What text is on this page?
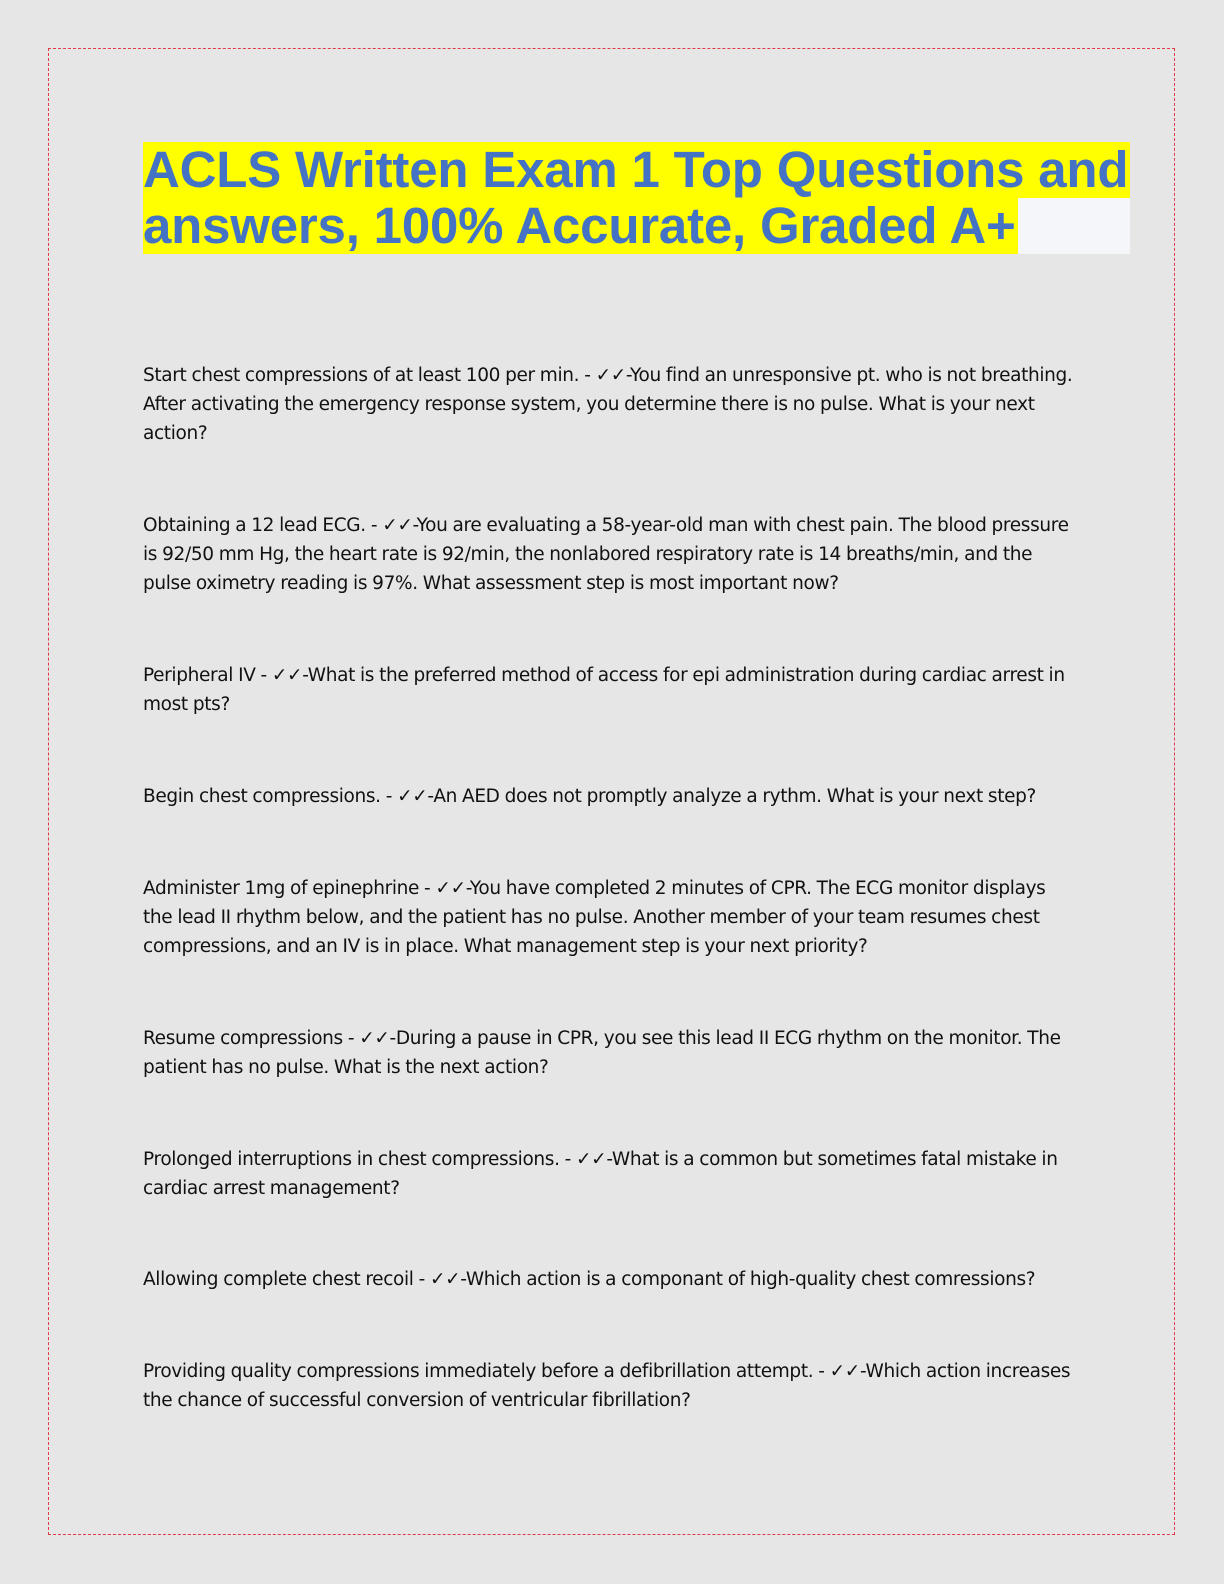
ACLS Written Exam 1 Top Questions and
answers, 100% Accurate, Graded A+

Start chest compressions of at least 100 per min. - ✓✓-You find an unresponsive pt. who is not breathing. After activating the emergency response system, you determine there is no pulse. What is your next action?

Obtaining a 12 lead ECG. - ✓✓-You are evaluating a 58-year-old man with chest pain. The blood pressure is 92/50 mm Hg, the heart rate is 92/min, the nonlabored respiratory rate is 14 breaths/min, and the pulse oximetry reading is 97%. What assessment step is most important now?

Peripheral IV - ✓✓-What is the preferred method of access for epi administration during cardiac arrest in most pts?

Begin chest compressions. - ✓✓-An AED does not promptly analyze a rythm. What is your next step?

Administer 1mg of epinephrine - ✓✓-You have completed 2 minutes of CPR. The ECG monitor displays the lead II rhythm below, and the patient has no pulse. Another member of your team resumes chest compressions, and an IV is in place. What management step is your next priority?

Resume compressions - ✓✓-During a pause in CPR, you see this lead II ECG rhythm on the monitor. The patient has no pulse. What is the next action?

Prolonged interruptions in chest compressions. - ✓✓-What is a common but sometimes fatal mistake in cardiac arrest management?

Allowing complete chest recoil - ✓✓-Which action is a componant of high-quality chest comressions?

Providing quality compressions immediately before a defibrillation attempt. - ✓✓-Which action increases the chance of successful conversion of ventricular fibrillation?
